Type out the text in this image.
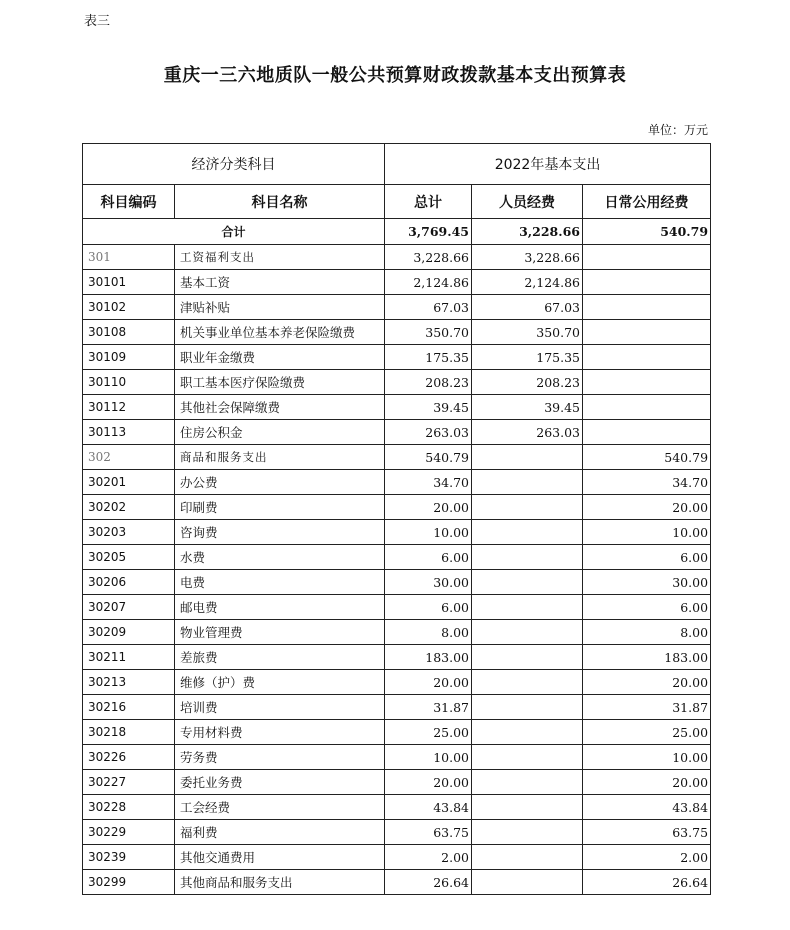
表三
重庆一三六地质队一般公共预算财政拨款基本支出预算表
单位：万元
经济分类科目		2022年基本支出		
科目编码	科目名称	总计	人员经费	日常公用经费
合计		3,769.45	3,228.66	540.79
301	工资福利支出	3,228.66	3,228.66	
30101	基本工资	2,124.86	2,124.86	
30102	津贴补贴	67.03	67.03	
30108	机关事业单位基本养老保险缴费	350.70	350.70	
30109	职业年金缴费	175.35	175.35	
30110	职工基本医疗保险缴费	208.23	208.23	
30112	其他社会保障缴费	39.45	39.45	
30113	住房公积金	263.03	263.03	
302	商品和服务支出	540.79		540.79
30201	办公费	34.70		34.70
30202	印刷费	20.00		20.00
30203	咨询费	10.00		10.00
30205	水费	6.00		6.00
30206	电费	30.00		30.00
30207	邮电费	6.00		6.00
30209	物业管理费	8.00		8.00
30211	差旅费	183.00		183.00
30213	维修（护）费	20.00		20.00
30216	培训费	31.87		31.87
30218	专用材料费	25.00		25.00
30226	劳务费	10.00		10.00
30227	委托业务费	20.00		20.00
30228	工会经费	43.84		43.84
30229	福利费	63.75		63.75
30239	其他交通费用	2.00		2.00
30299	其他商品和服务支出	26.64		26.64
